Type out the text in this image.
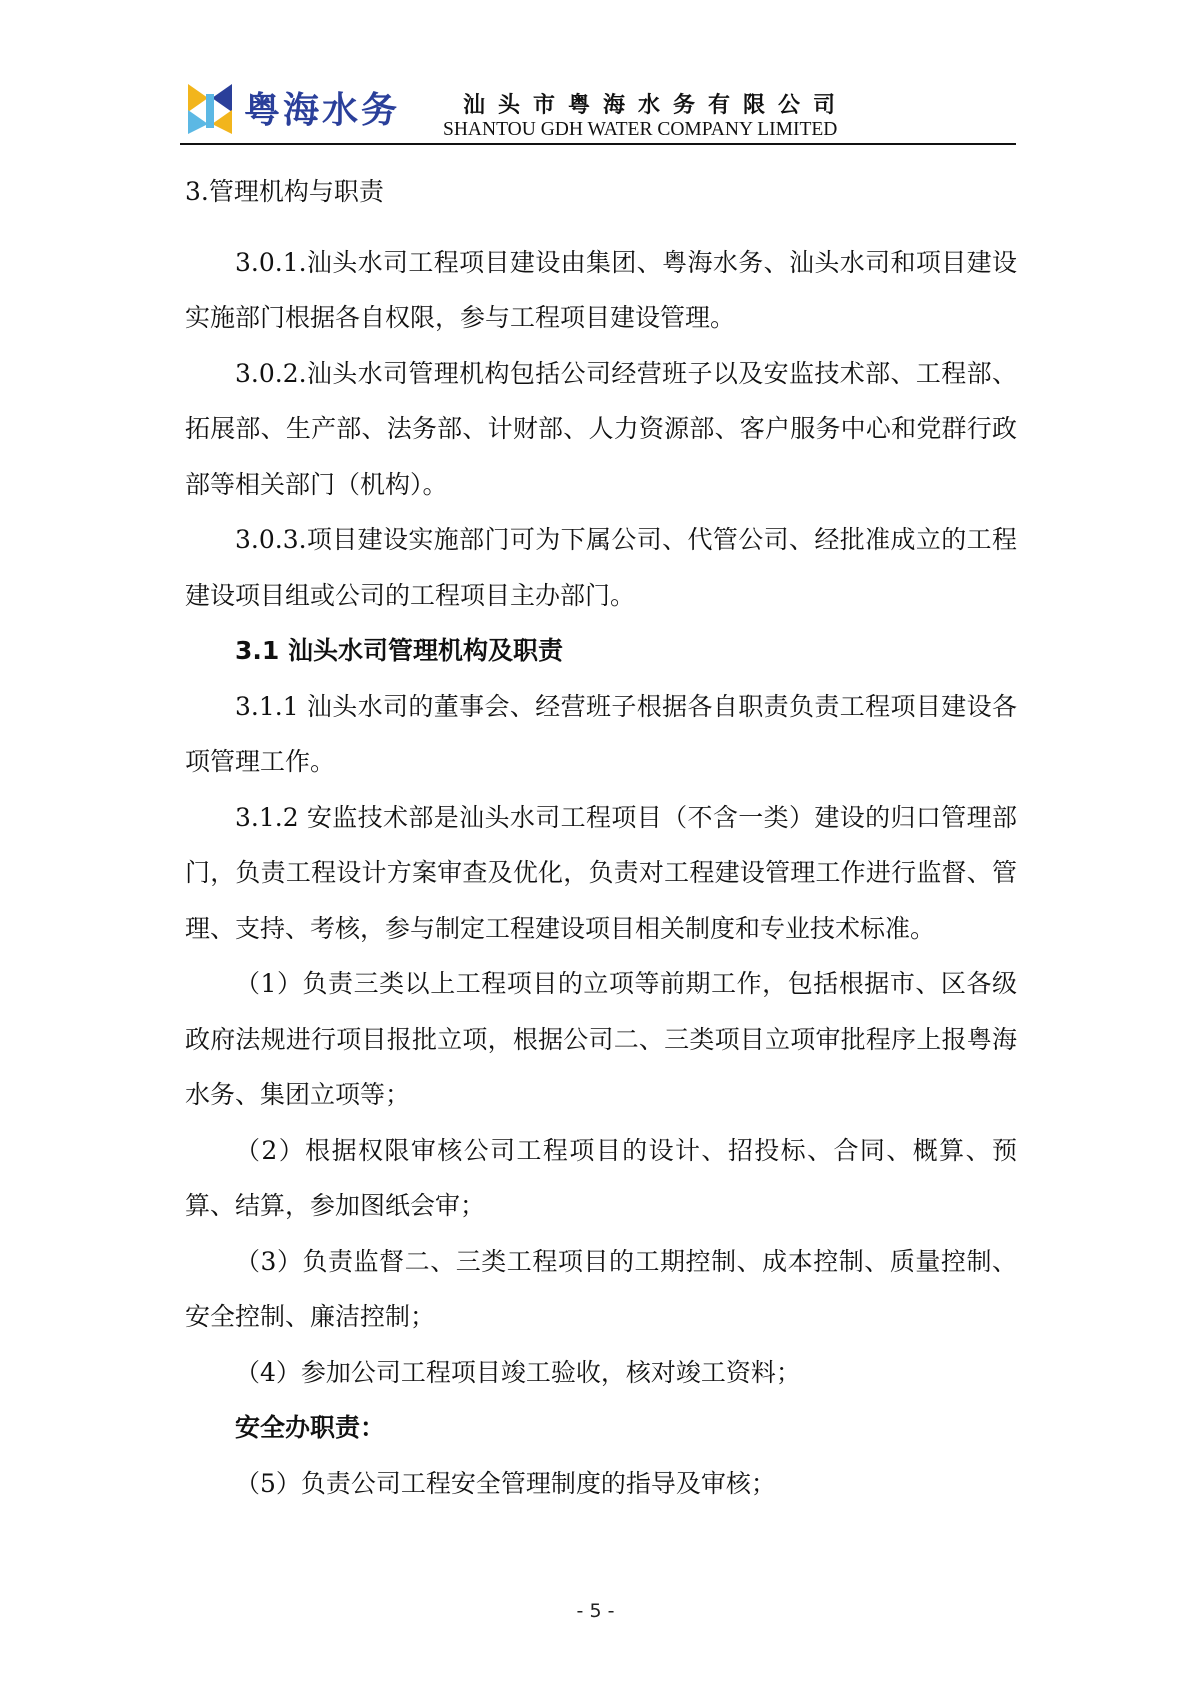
粤海水务	汕头市粤海水务有限公司
SHANTOU GDH WATER COMPANY LIMITED

3.管理机构与职责

3.0.1.汕头水司工程项目建设由集团、粤海水务、汕头水司和项目建设实施部门根据各自权限，参与工程项目建设管理。

3.0.2.汕头水司管理机构包括公司经营班子以及安监技术部、工程部、拓展部、生产部、法务部、计财部、人力资源部、客户服务中心和党群行政部等相关部门（机构）。

3.0.3.项目建设实施部门可为下属公司、代管公司、经批准成立的工程建设项目组或公司的工程项目主办部门。

3.1 汕头水司管理机构及职责

3.1.1 汕头水司的董事会、经营班子根据各自职责负责工程项目建设各项管理工作。

3.1.2 安监技术部是汕头水司工程项目（不含一类）建设的归口管理部门，负责工程设计方案审查及优化，负责对工程建设管理工作进行监督、管理、支持、考核，参与制定工程建设项目相关制度和专业技术标准。

（1）负责三类以上工程项目的立项等前期工作，包括根据市、区各级政府法规进行项目报批立项，根据公司二、三类项目立项审批程序上报粤海水务、集团立项等；

（2）根据权限审核公司工程项目的设计、招投标、合同、概算、预算、结算，参加图纸会审；

（3）负责监督二、三类工程项目的工期控制、成本控制、质量控制、安全控制、廉洁控制；

（4）参加公司工程项目竣工验收，核对竣工资料；

安全办职责：

（5）负责公司工程安全管理制度的指导及审核；

- 5 -
